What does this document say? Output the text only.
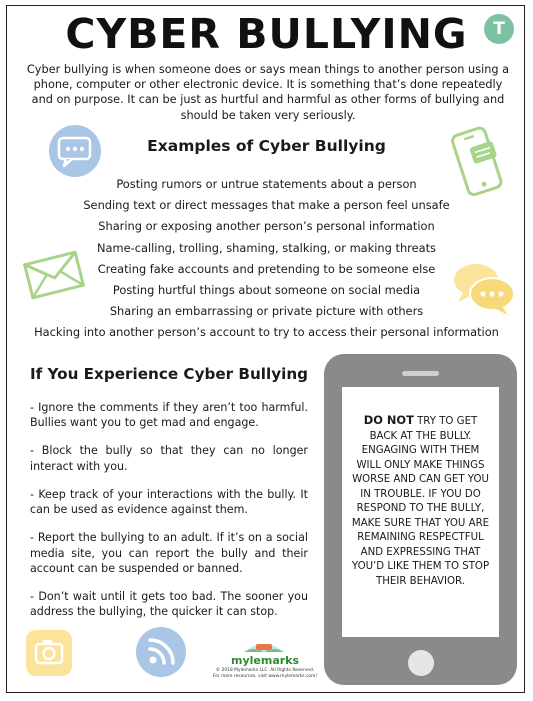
CYBER BULLYING	T
Cyber bullying is when someone does or says mean things to another person using a phone, computer or other electronic device. It is something that’s done repeatedly and on purpose. It can be just as hurtful and harmful as other forms of bullying and should be taken very seriously.
Examples of Cyber Bullying
Posting rumors or untrue statements about a person
Sending text or direct messages that make a person feel unsafe
Sharing or exposing another person’s personal information
Name-calling, trolling, shaming, stalking, or making threats
Creating fake accounts and pretending to be someone else
Posting hurtful things about someone on social media
Sharing an embarrassing or private picture with others
Hacking into another person’s account to try to access their personal information
If You Experience Cyber Bullying
- Ignore the comments if they aren’t too harmful. Bullies want you to get mad and engage.
- Block the bully so that they can no longer interact with you.
- Keep track of your interactions with the bully. It can be used as evidence against them.
- Report the bullying to an adult. If it’s on a social media site, you can report the bully and their account can be suspended or banned.
- Don’t wait until it gets too bad. The sooner you address the bullying, the quicker it can stop.
DO NOT TRY TO GET BACK AT THE BULLY. ENGAGING WITH THEM WILL ONLY MAKE THINGS WORSE AND CAN GET YOU IN TROUBLE. IF YOU DO RESPOND TO THE BULLY, MAKE SURE THAT YOU ARE REMAINING RESPECTFUL AND EXPRESSING THAT YOU’D LIKE THEM TO STOP THEIR BEHAVIOR.
mylemarks
© 2018 Mylemarks LLC. All Rights Reserved.
For more resources, visit www.mylemarks.com!
